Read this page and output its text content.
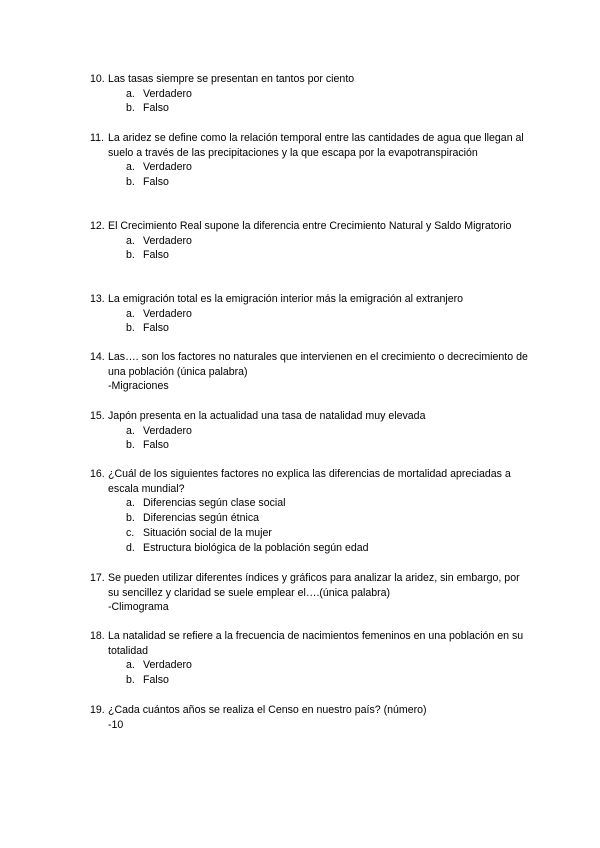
10. Las tasas siempre se presentan en tantos por ciento
a. Verdadero
b. Falso
11. La aridez se define como la relación temporal entre las cantidades de agua que llegan al suelo a través de las precipitaciones y la que escapa por la evapotranspiración
a. Verdadero
b. Falso
12. El Crecimiento Real supone la diferencia entre Crecimiento Natural y Saldo Migratorio
a. Verdadero
b. Falso
13. La emigración total es la emigración interior más la emigración al extranjero
a. Verdadero
b. Falso
14. Las…. son los factores no naturales que intervienen en el crecimiento o decrecimiento de una población (única palabra)
-Migraciones
15. Japón presenta en la actualidad una tasa de natalidad muy elevada
a. Verdadero
b. Falso
16. ¿Cuál de los siguientes factores no explica las diferencias de mortalidad apreciadas a escala mundial?
a. Diferencias según clase social
b. Diferencias según étnica
c. Situación social de la mujer
d. Estructura biológica de la población según edad
17. Se pueden utilizar diferentes índices y gráficos para analizar la aridez, sin embargo, por su sencillez y claridad se suele emplear el….(única palabra)
-Climograma
18. La natalidad se refiere a la frecuencia de nacimientos femeninos en una población en su totalidad
a. Verdadero
b. Falso
19. ¿Cada cuántos años se realiza el Censo en nuestro país? (número)
-10
